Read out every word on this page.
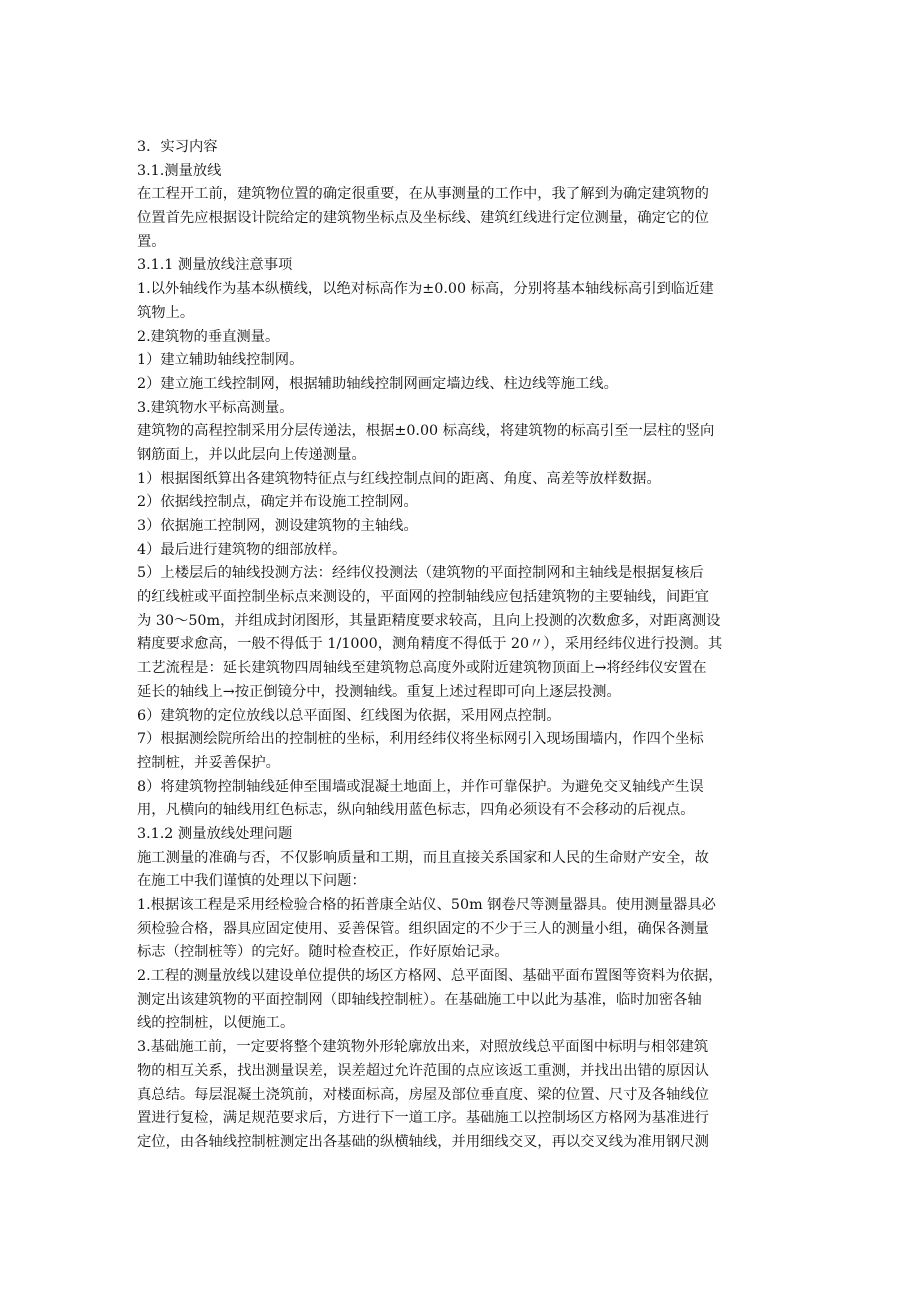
3．实习内容
3.1.测量放线
在工程开工前，建筑物位置的确定很重要，在从事测量的工作中，我了解到为确定建筑物的
位置首先应根据设计院给定的建筑物坐标点及坐标线、建筑红线进行定位测量，确定它的位
置。
3.1.1 测量放线注意事项
1.以外轴线作为基本纵横线，以绝对标高作为±0.00 标高，分别将基本轴线标高引到临近建
筑物上。
2.建筑物的垂直测量。
1）建立辅助轴线控制网。
2）建立施工线控制网，根据辅助轴线控制网画定墙边线、柱边线等施工线。
3.建筑物水平标高测量。
建筑物的高程控制采用分层传递法，根据±0.00 标高线，将建筑物的标高引至一层柱的竖向
钢筋面上，并以此层向上传递测量。
1）根据图纸算出各建筑物特征点与红线控制点间的距离、角度、高差等放样数据。
2）依据线控制点，确定并布设施工控制网。
3）依据施工控制网，测设建筑物的主轴线。
4）最后进行建筑物的细部放样。
5）上楼层后的轴线投测方法：经纬仪投测法（建筑物的平面控制网和主轴线是根据复核后
的红线桩或平面控制坐标点来测设的，平面网的控制轴线应包括建筑物的主要轴线，间距宜
为 30～50m，并组成封闭图形，其量距精度要求较高，且向上投测的次数愈多，对距离测设
精度要求愈高，一般不得低于 1/1000，测角精度不得低于 20〃），采用经纬仪进行投测。其
工艺流程是：延长建筑物四周轴线至建筑物总高度外或附近建筑物顶面上→将经纬仪安置在
延长的轴线上→按正倒镜分中，投测轴线。重复上述过程即可向上逐层投测。
6）建筑物的定位放线以总平面图、红线图为依据，采用网点控制。
7）根据测绘院所给出的控制桩的坐标，利用经纬仪将坐标网引入现场围墙内，作四个坐标
控制桩，并妥善保护。
8）将建筑物控制轴线延伸至围墙或混凝土地面上，并作可靠保护。为避免交叉轴线产生误
用，凡横向的轴线用红色标志，纵向轴线用蓝色标志，四角必须设有不会移动的后视点。
3.1.2 测量放线处理问题
施工测量的准确与否，不仅影响质量和工期，而且直接关系国家和人民的生命财产安全，故
在施工中我们谨慎的处理以下问题：
1.根据该工程是采用经检验合格的拓普康全站仪、50m 钢卷尺等测量器具。使用测量器具必
须检验合格，器具应固定使用、妥善保管。组织固定的不少于三人的测量小组，确保各测量
标志（控制桩等）的完好。随时检查校正，作好原始记录。
2.工程的测量放线以建设单位提供的场区方格网、总平面图、基础平面布置图等资料为依据，
测定出该建筑物的平面控制网（即轴线控制桩）。在基础施工中以此为基准，临时加密各轴
线的控制桩，以便施工。
3.基础施工前，一定要将整个建筑物外形轮廓放出来，对照放线总平面图中标明与相邻建筑
物的相互关系，找出测量误差，误差超过允许范围的点应该返工重测，并找出出错的原因认
真总结。每层混凝土浇筑前，对楼面标高，房屋及部位垂直度、梁的位置、尺寸及各轴线位
置进行复检，满足规范要求后，方进行下一道工序。基础施工以控制场区方格网为基准进行
定位，由各轴线控制桩测定出各基础的纵横轴线，并用细线交叉，再以交叉线为准用钢尺测
